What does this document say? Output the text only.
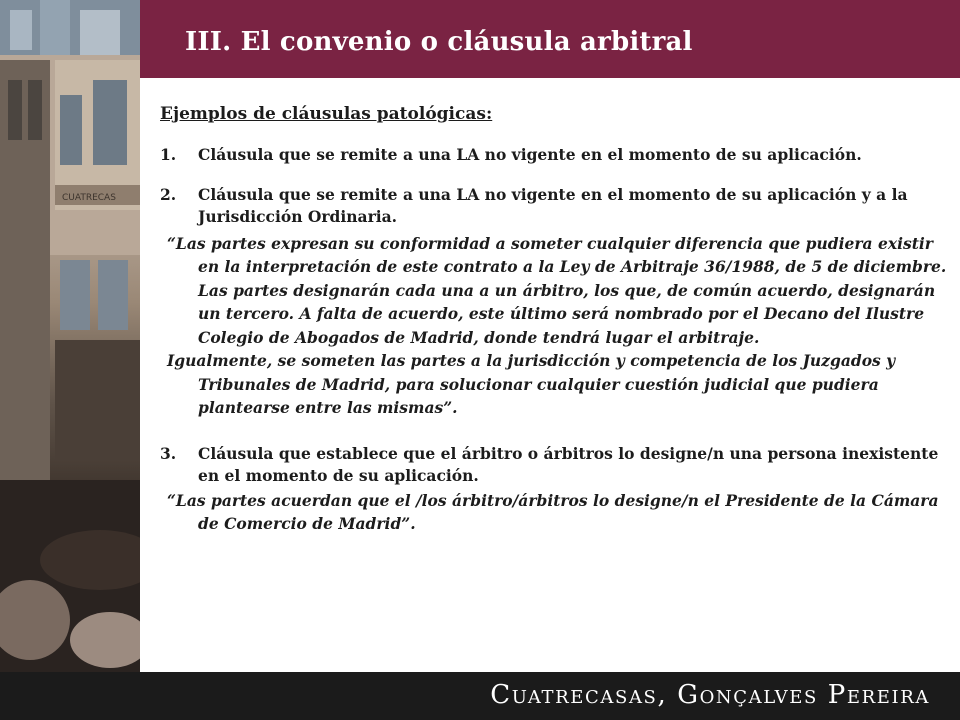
CUATRECAS
III. El convenio o cláusula arbitral

Ejemplos de cláusulas patológicas:

1. Cláusula que se remite a una LA no vigente en el momento de su aplicación.

2. Cláusula que se remite a una LA no vigente en el momento de su aplicación y a la Jurisdicción Ordinaria.

“Las partes expresan su conformidad a someter cualquier diferencia que pudiera existir en la interpretación de este contrato a la Ley de Arbitraje 36/1988, de 5 de diciembre. Las partes designarán cada una a un árbitro, los que, de común acuerdo, designarán un tercero. A falta de acuerdo, este último será nombrado por el Decano del Ilustre Colegio de Abogados de Madrid, donde tendrá lugar el arbitraje.

Igualmente, se someten las partes a la jurisdicción y competencia de los Juzgados y Tribunales de Madrid, para solucionar cualquier cuestión judicial que pudiera plantearse entre las mismas”.

3. Cláusula que establece que el árbitro o árbitros lo designe/n una persona inexistente en el momento de su aplicación.

“Las partes acuerdan que el /los árbitro/árbitros lo designe/n el Presidente de la Cámara de Comercio de Madrid”.

Cuatrecasas, Gonçalves Pereira
